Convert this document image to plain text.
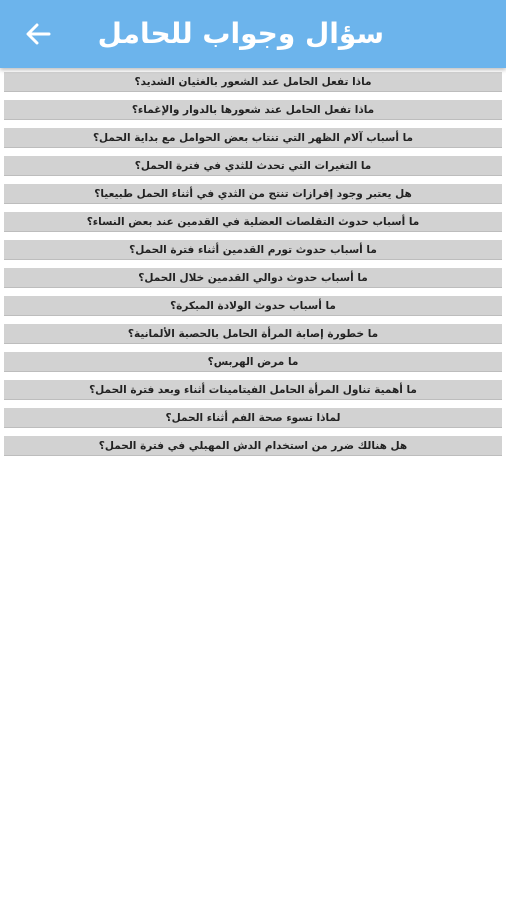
سؤال وجواب للحامل
ماذا تفعل الحامل عند الشعور بالغثيان الشديد؟
ماذا تفعل الحامل عند شعورها بالدوار والإغماء؟
ما أسباب آلام الظهر التي تنتاب بعض الحوامل مع بداية الحمل؟
ما التغيرات التي تحدث للثدي في فترة الحمل؟
هل يعتبر وجود إفرازات تنتج من الثدي في أثناء الحمل طبيعيا؟
ما أسباب حدوث التقلصات العضلية في القدمين عند بعض النساء؟
ما أسباب حدوث تورم القدمين أثناء فترة الحمل؟
ما أسباب حدوث دوالي القدمين خلال الحمل؟
ما أسباب حدوث الولادة المبكرة؟
ما خطورة إصابة المرأة الحامل بالحصبة الألمانية؟
ما مرض الهربس؟
ما أهمية تناول المرأة الحامل الفيتامينات أثناء وبعد فترة الحمل؟
لماذا تسوء صحة الفم أثناء الحمل؟
هل هنالك ضرر من استخدام الدش المهبلي في فترة الحمل؟
